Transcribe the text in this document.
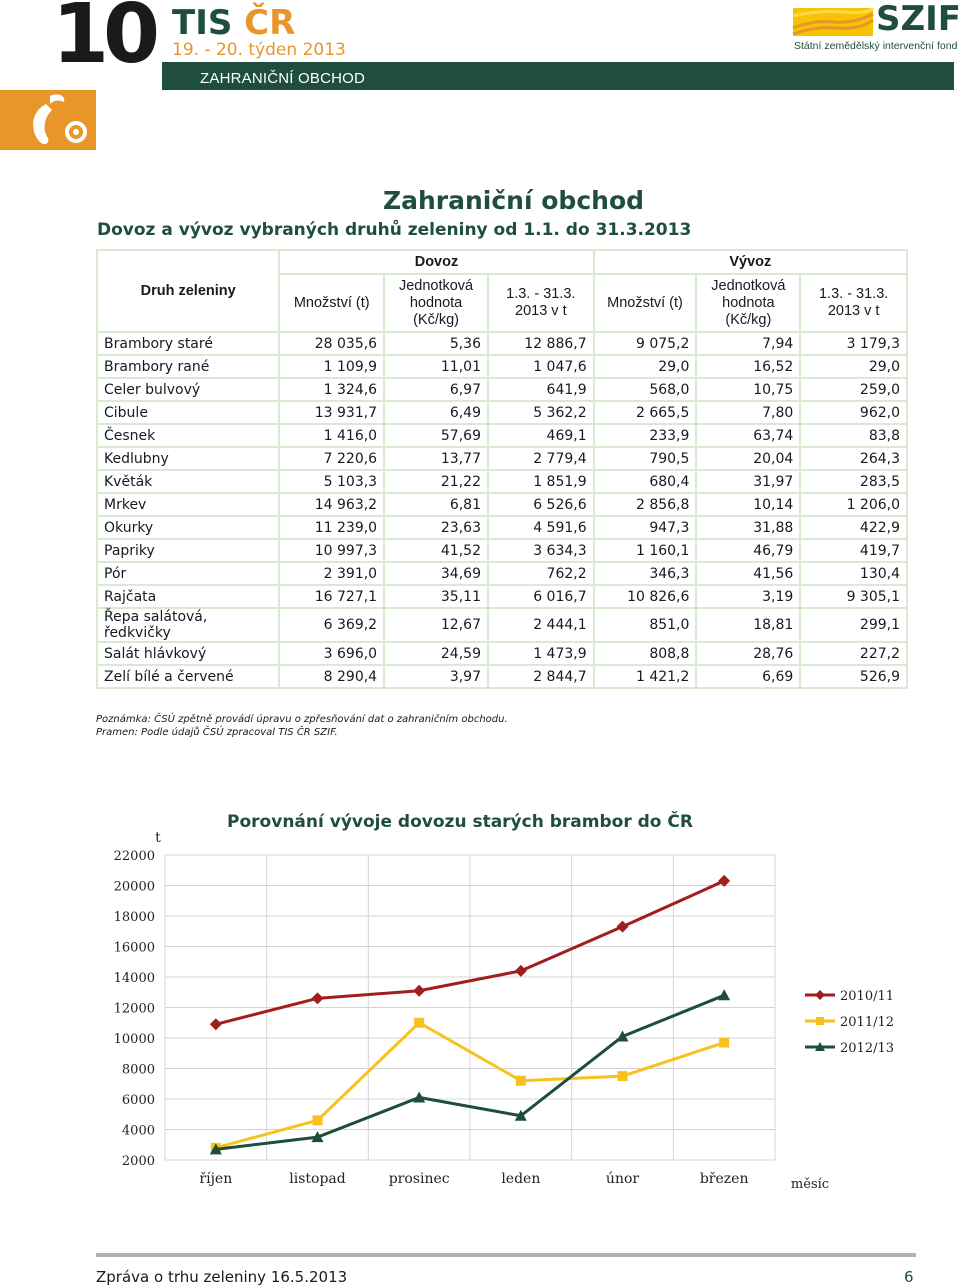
10 TIS ČR
19. - 20. týden 2013
SZIF
Státní zemědělský intervenční fond
ZAHRANIČNÍ OBCHOD
Zahraniční obchod
Dovoz a vývoz vybraných druhů zeleniny od 1.1. do 31.3.2013
Druh zeleniny	Dovoz			Vývoz		
	Množství (t)	Jednotková hodnota (Kč/kg)	1.3. - 31.3. 2013 v t	Množství (t)	Jednotková hodnota (Kč/kg)	1.3. - 31.3. 2013 v t
Brambory staré	28 035,6	5,36	12 886,7	9 075,2	7,94	3 179,3
Brambory rané	1 109,9	11,01	1 047,6	29,0	16,52	29,0
Celer bulvový	1 324,6	6,97	641,9	568,0	10,75	259,0
Cibule	13 931,7	6,49	5 362,2	2 665,5	7,80	962,0
Česnek	1 416,0	57,69	469,1	233,9	63,74	83,8
Kedlubny	7 220,6	13,77	2 779,4	790,5	20,04	264,3
Květák	5 103,3	21,22	1 851,9	680,4	31,97	283,5
Mrkev	14 963,2	6,81	6 526,6	2 856,8	10,14	1 206,0
Okurky	11 239,0	23,63	4 591,6	947,3	31,88	422,9
Papriky	10 997,3	41,52	3 634,3	1 160,1	46,79	419,7
Pór	2 391,0	34,69	762,2	346,3	41,56	130,4
Rajčata	16 727,1	35,11	6 016,7	10 826,6	3,19	9 305,1
Řepa salátová, ředkvičky	6 369,2	12,67	2 444,1	851,0	18,81	299,1
Salát hlávkový	3 696,0	24,59	1 473,9	808,8	28,76	227,2
Zelí bílé a červené	8 290,4	3,97	2 844,7	1 421,2	6,69	526,9
Poznámka: ČSÚ zpětně provádí úpravu o zpřesňování dat o zahraničním obchodu.
Pramen: Podle údajů ČSÚ zpracoval TIS ČR SZIF.
Porovnání vývoje dovozu starých brambor do ČR
2000
4000
6000
8000
10000
12000
14000
16000
18000
20000
22000
t
říjen	listopad	prosinec	leden	únor	březen	měsíc
2010/11
2011/12
2012/13
Zpráva o trhu zeleniny 16.5.2013	6
